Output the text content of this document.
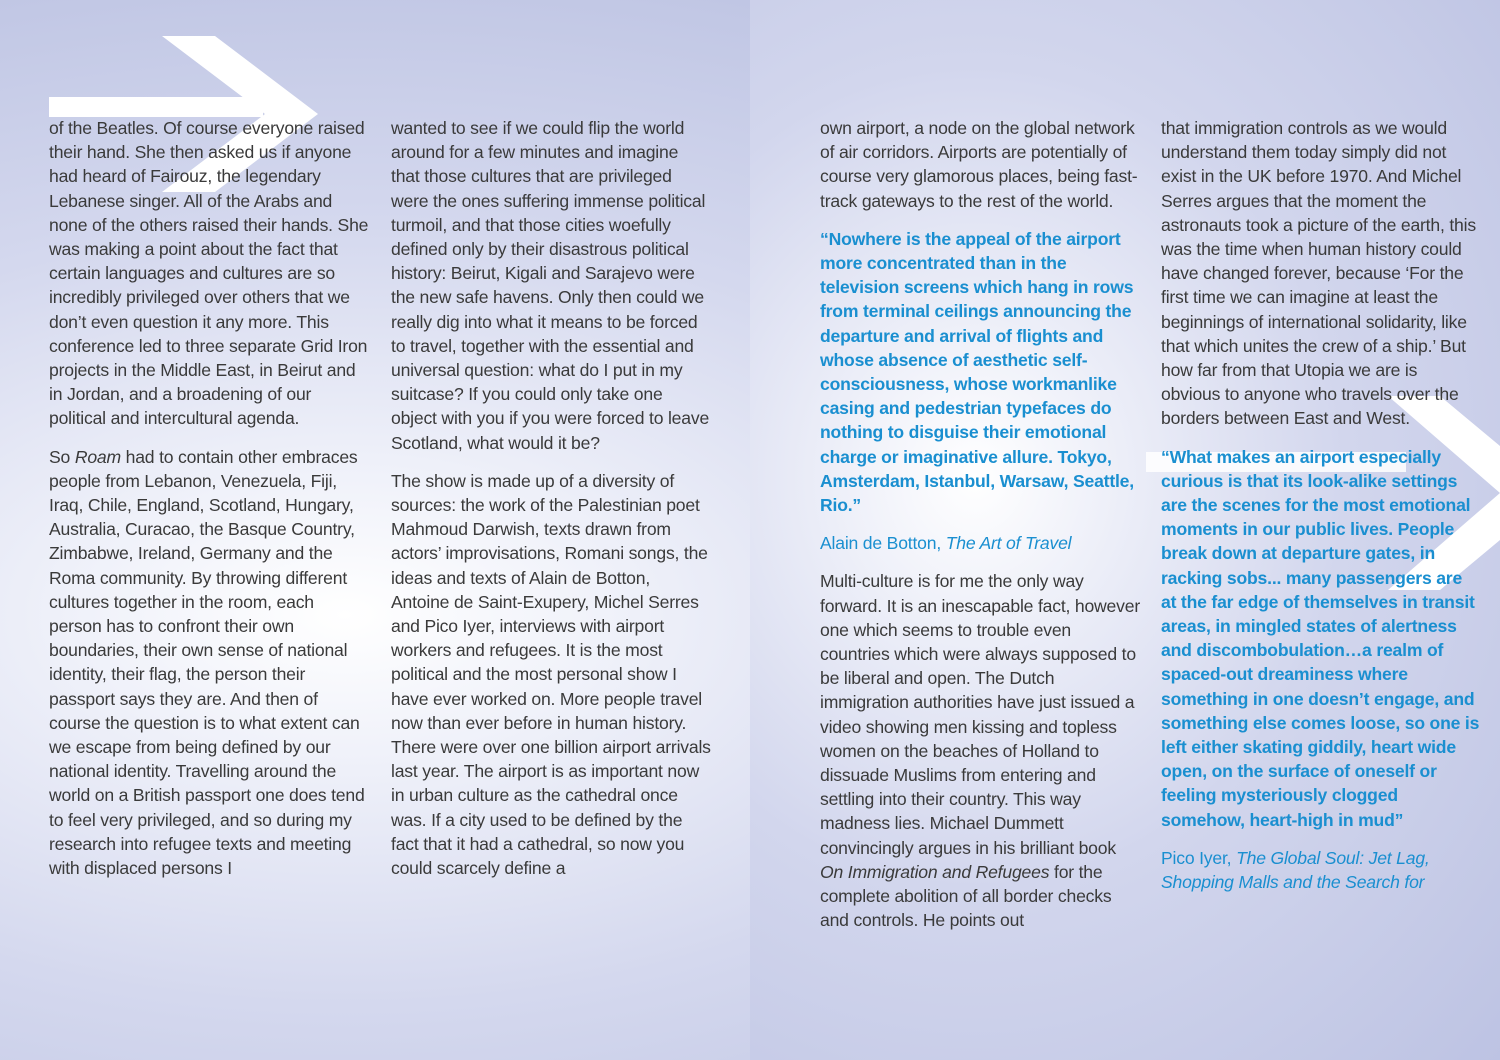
of the Beatles. Of course everyone raised their hand. She then asked us if anyone had heard of Fairouz, the legendary Lebanese singer. All of the Arabs and none of the others raised their hands. She was making a point about the fact that certain languages and cultures are so incredibly privileged over others that we don’t even question it any more. This conference led to three separate Grid Iron projects in the Middle East, in Beirut and in Jordan, and a broadening of our political and intercultural agenda.

So Roam had to contain other embraces people from Lebanon, Venezuela, Fiji, Iraq, Chile, England, Scotland, Hungary, Australia, Curacao, the Basque Country, Zimbabwe, Ireland, Germany and the Roma community. By throwing different cultures together in the room, each person has to confront their own boundaries, their own sense of national identity, their flag, the person their passport says they are. And then of course the question is to what extent can we escape from being defined by our national identity. Travelling around the world on a British passport one does tend to feel very privileged, and so during my research into refugee texts and meeting with displaced persons I

wanted to see if we could flip the world around for a few minutes and imagine that those cultures that are privileged were the ones suffering immense political turmoil, and that those cities woefully defined only by their disastrous political history: Beirut, Kigali and Sarajevo were the new safe havens. Only then could we really dig into what it means to be forced to travel, together with the essential and universal question: what do I put in my suitcase? If you could only take one object with you if you were forced to leave Scotland, what would it be?

The show is made up of a diversity of sources: the work of the Palestinian poet Mahmoud Darwish, texts drawn from actors’ improvisations, Romani songs, the ideas and texts of Alain de Botton, Antoine de Saint-Exupery, Michel Serres and Pico Iyer, interviews with airport workers and refugees. It is the most political and the most personal show I have ever worked on. More people travel now than ever before in human history. There were over one billion airport arrivals last year. The airport is as important now in urban culture as the cathedral once was. If a city used to be defined by the fact that it had a cathedral, so now you could scarcely define a

own airport, a node on the global network of air corridors. Airports are potentially of course very glamorous places, being fast-track gateways to the rest of the world.

“Nowhere is the appeal of the airport more concentrated than in the television screens which hang in rows from terminal ceilings announcing the departure and arrival of flights and whose absence of aesthetic self-consciousness, whose workmanlike casing and pedestrian typefaces do nothing to disguise their emotional charge or imaginative allure. Tokyo, Amsterdam, Istanbul, Warsaw, Seattle, Rio.”

Alain de Botton, The Art of Travel

Multi-culture is for me the only way forward. It is an inescapable fact, however one which seems to trouble even countries which were always supposed to be liberal and open. The Dutch immigration authorities have just issued a video showing men kissing and topless women on the beaches of Holland to dissuade Muslims from entering and settling into their country. This way madness lies. Michael Dummett convincingly argues in his brilliant book On Immigration and Refugees for the complete abolition of all border checks and controls. He points out

that immigration controls as we would understand them today simply did not exist in the UK before 1970. And Michel Serres argues that the moment the astronauts took a picture of the earth, this was the time when human history could have changed forever, because ‘For the first time we can imagine at least the beginnings of international solidarity, like that which unites the crew of a ship.’ But how far from that Utopia we are is obvious to anyone who travels over the borders between East and West.

“What makes an airport especially curious is that its look-alike settings are the scenes for the most emotional moments in our public lives. People break down at departure gates, in racking sobs... many passengers are at the far edge of themselves in transit areas, in mingled states of alertness and discombobulation…a realm of spaced-out dreaminess where something in one doesn’t engage, and something else comes loose, so one is left either skating giddily, heart wide open, on the surface of oneself or feeling mysteriously clogged somehow, heart-high in mud”

Pico Iyer, The Global Soul: Jet Lag, Shopping Malls and the Search for
